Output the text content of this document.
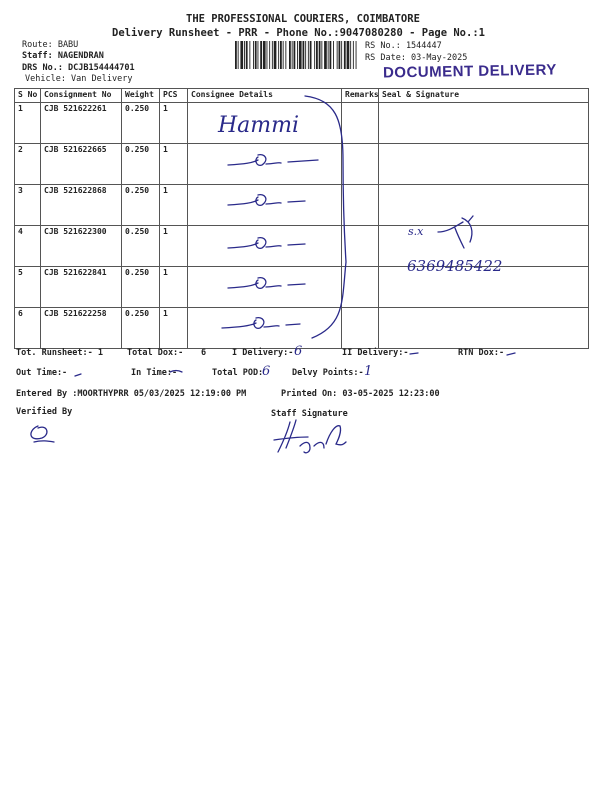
THE PROFESSIONAL COURIERS, COIMBATORE
Delivery Runsheet - PRR - Phone No.:9047080280 - Page No.:1
Route: BABU
Staff: NAGENDRAN
DRS No.: DCJB154444701
Vehicle: Van Delivery
RS No.: 1544447
RS Date: 03-May-2025
DOCUMENT DELIVERY
S No	Consignment No	Weight	PCS	Consignee Details	Remarks	Seal & Signature
1	CJB 521622261	0.250	1			
2	CJB 521622665	0.250	1			
3	CJB 521622868	0.250	1			
4	CJB 521622300	0.250	1			
5	CJB 521622841	0.250	1			
6	CJB 521622258	0.250	1			
Hammi
s.x
6369485422
Tot. Runsheet:- 1	Total Dox:- 6	I Delivery:- 6	II Delivery:-	RTN Dox:-
Out Time:-	In Time:-	Total POD:
6	Delvy Points:- 1
Entered By :MOORTHYPRR 05/03/2025 12:19:00 PM	Printed On: 03-05-2025 12:23:00
Verified By	Staff Signature
